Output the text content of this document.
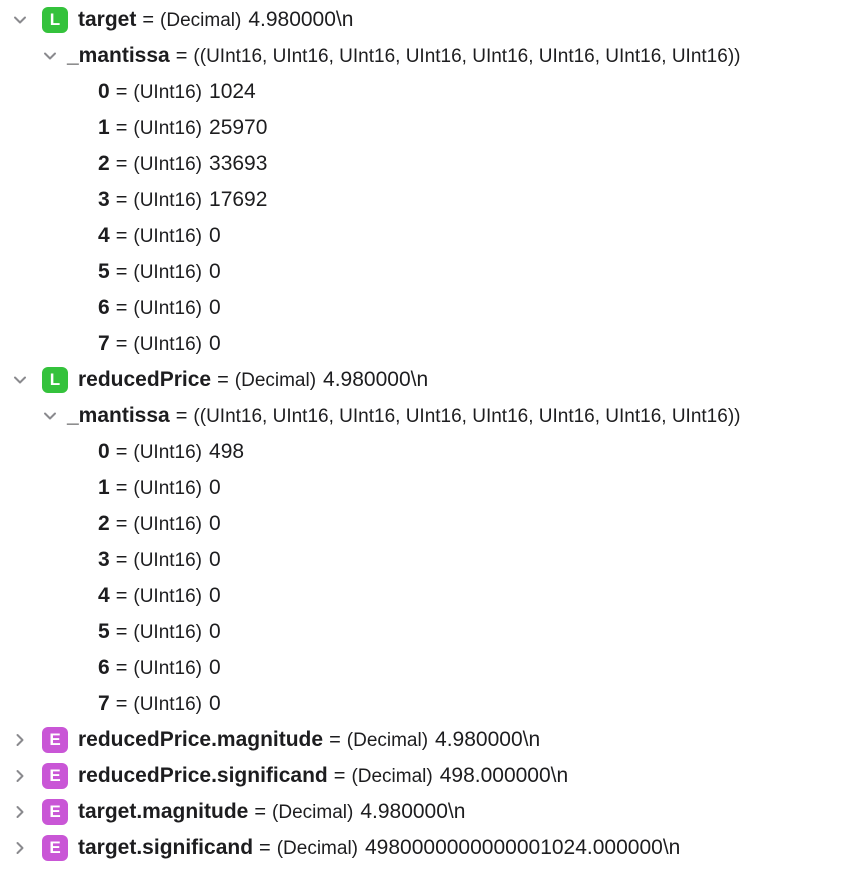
L target = (Decimal) 4.980000\n
_mantissa = ((UInt16, UInt16, UInt16, UInt16, UInt16, UInt16, UInt16, UInt16))
0 = (UInt16) 1024
1 = (UInt16) 25970
2 = (UInt16) 33693
3 = (UInt16) 17692
4 = (UInt16) 0
5 = (UInt16) 0
6 = (UInt16) 0
7 = (UInt16) 0
L reducedPrice = (Decimal) 4.980000\n
_mantissa = ((UInt16, UInt16, UInt16, UInt16, UInt16, UInt16, UInt16, UInt16))
0 = (UInt16) 498
1 = (UInt16) 0
2 = (UInt16) 0
3 = (UInt16) 0
4 = (UInt16) 0
5 = (UInt16) 0
6 = (UInt16) 0
7 = (UInt16) 0
E reducedPrice.magnitude = (Decimal) 4.980000\n
E reducedPrice.significand = (Decimal) 498.000000\n
E target.magnitude = (Decimal) 4.980000\n
E target.significand = (Decimal) 4980000000000001024.000000\n
